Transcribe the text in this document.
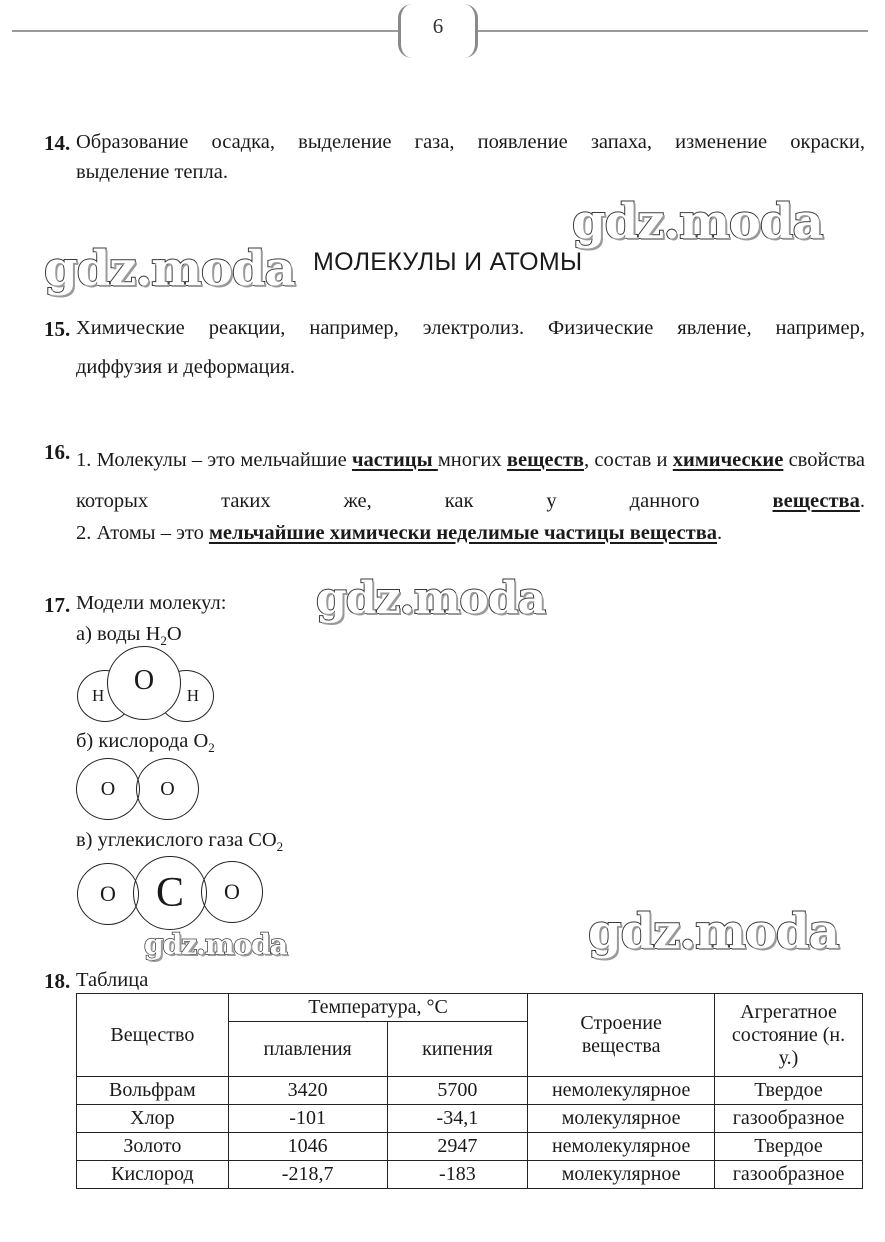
6
14. Образование осадка, выделение газа, появление запаха, изменение окраски,
выделение тепла.
gdz.moda
gdz.moda МОЛЕКУЛЫ И АТОМЫ
15. Химические реакции, например, электролиз. Физические явление, например,
диффузия и деформация.
16. 1. Молекулы – это мельчайшие частицы многих веществ, состав и химические свойства которых таких же, как у данного вещества.
2. Атомы – это мельчайшие химически неделимые частицы вещества.
17. Модели молекул: gdz.moda
а) воды $H_2O$
H	H
O
б) кислорода $O_2$
O O
в) углекислого газа $CO_2$
O	O
C
gdz.moda	gdz.moda
18. Таблица
Вещество	Температура, °С		Строение вещества	Агрегатное состояние (н. у.)
	плавления	кипения		
Вольфрам	3420	5700	немолекулярное	Твердое
Хлор	-101	-34,1	молекулярное	газообразное
Золото	1046	2947	немолекулярное	Твердое
Кислород	-218,7	-183	молекулярное	газообразное
